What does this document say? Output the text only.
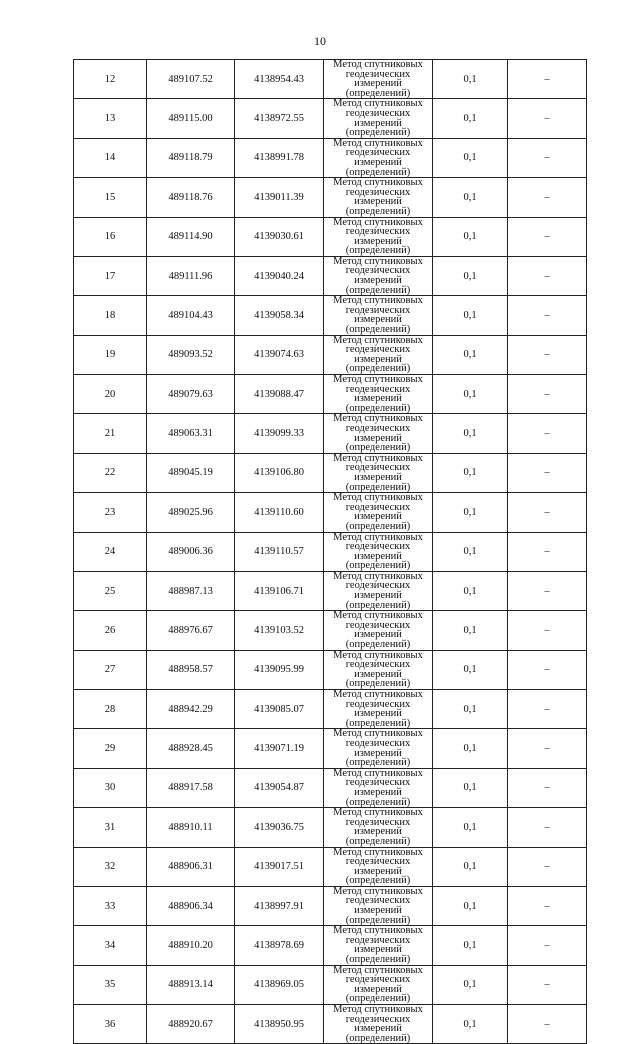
10
12	489107.52	4138954.43	Метод спутниковых
геодезических измерений
(определений)	0,1	–
13	489115.00	4138972.55	Метод спутниковых
геодезических измерений
(определений)	0,1	–
14	489118.79	4138991.78	Метод спутниковых
геодезических измерений
(определений)	0,1	–
15	489118.76	4139011.39	Метод спутниковых
геодезических измерений
(определений)	0,1	–
16	489114.90	4139030.61	Метод спутниковых
геодезических измерений
(определений)	0,1	–
17	489111.96	4139040.24	Метод спутниковых
геодезических измерений
(определений)	0,1	–
18	489104.43	4139058.34	Метод спутниковых
геодезических измерений
(определений)	0,1	–
19	489093.52	4139074.63	Метод спутниковых
геодезических измерений
(определений)	0,1	–
20	489079.63	4139088.47	Метод спутниковых
геодезических измерений
(определений)	0,1	–
21	489063.31	4139099.33	Метод спутниковых
геодезических измерений
(определений)	0,1	–
22	489045.19	4139106.80	Метод спутниковых
геодезических измерений
(определений)	0,1	–
23	489025.96	4139110.60	Метод спутниковых
геодезических измерений
(определений)	0,1	–
24	489006.36	4139110.57	Метод спутниковых
геодезических измерений
(определений)	0,1	–
25	488987.13	4139106.71	Метод спутниковых
геодезических измерений
(определений)	0,1	–
26	488976.67	4139103.52	Метод спутниковых
геодезических измерений
(определений)	0,1	–
27	488958.57	4139095.99	Метод спутниковых
геодезических измерений
(определений)	0,1	–
28	488942.29	4139085.07	Метод спутниковых
геодезических измерений
(определений)	0,1	–
29	488928.45	4139071.19	Метод спутниковых
геодезических измерений
(определений)	0,1	–
30	488917.58	4139054.87	Метод спутниковых
геодезических измерений
(определений)	0,1	–
31	488910.11	4139036.75	Метод спутниковых
геодезических измерений
(определений)	0,1	–
32	488906.31	4139017.51	Метод спутниковых
геодезических измерений
(определений)	0,1	–
33	488906.34	4138997.91	Метод спутниковых
геодезических измерений
(определений)	0,1	–
34	488910.20	4138978.69	Метод спутниковых
геодезических измерений
(определений)	0,1	–
35	488913.14	4138969.05	Метод спутниковых
геодезических измерений
(определений)	0,1	–
36	488920.67	4138950.95	Метод спутниковых
геодезических измерений
(определений)	0,1	–
